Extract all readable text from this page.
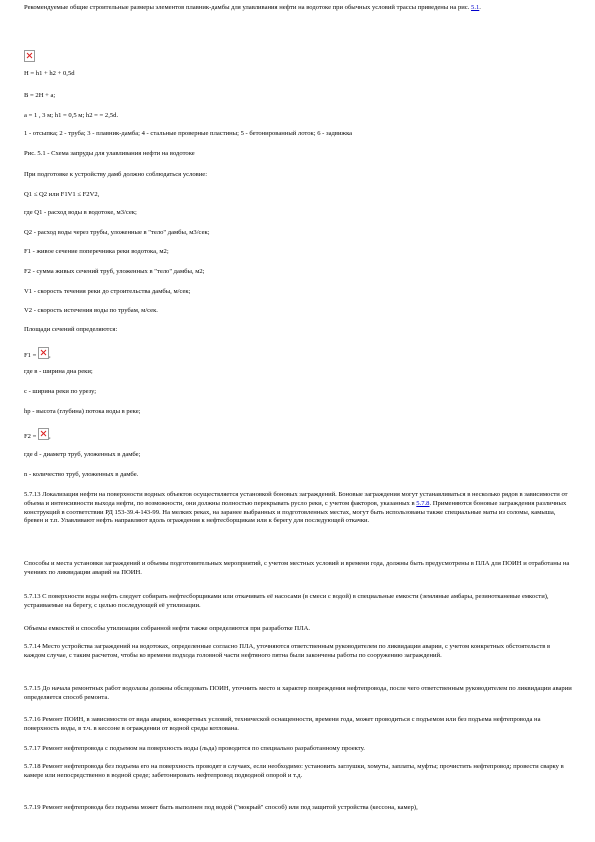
Рекомендуемые общие строительные размеры элементов плавник-дамбы для улавливания нефти на водотоке при обычных условий трассы приведены на рис. 5.1.
H = h1 + h2 + 0,5d
B = 2H + a;
a = 1 , 3 м; h1 = 0,5 м; h2 = = 2,5d.
1 - отсыпка; 2 - труба; 3 - плавник-дамба; 4 - стальные проверные пластины; 5 - бетонированный лоток; 6 - задвижка
Рис. 5.1 - Схема запруды для улавливания нефти на водотоке
При подготовке к устройству дамб должно соблюдаться условие:
Q1 ≤ Q2 или F1V1 ≤ F2V2,
где Q1 - расход воды в водотоке, м3/сек;
Q2 - расход воды через трубы, уложенные в "тело" дамбы, м3/сек;
F1 - живое сечение поперечника реки водотока, м2;
F2 - сумма живых сечений труб, уложенных в "тело" дамбы, м2;
V1 - скорость течения реки до строительства дамбы, м/сек;
V2 - скорость истечения воды по трубам, м/сек.
Площади сечений определяются:
F1 = ,
где в - ширина дна реки;
с - ширина реки по урезу;
hр - высота (глубина) потока воды в реке;
F2 = ,
где d - диаметр труб, уложенных в дамбе;
n - количество труб, уложенных в дамбе.
5.7.13 Локализация нефти на поверхности водных объектов осуществляется установкой боновых заграждений. Боновые заграждения могут устанавливаться в несколько рядов в зависимости от объема и интенсивности выхода нефти, по возможности, они должны полностью перекрывать русло реки, с учетом факторов, указанных в 5.7.8. Применяются боновые заграждения различных конструкций в соответствии РД 153-39.4-143-99. На мелких реках, на заранее выбранных и подготовленных местах, могут быть использованы также специальные маты из соломы, камыша, бревен и т.п. Улавливают нефть направляют вдоль ограждения к нефтесборщикам или к берегу для последующей откачки.
Способы и места установки заграждений и объемы подготовительных мероприятий, с учетом местных условий и времени года, должны быть предусмотрены в ПЛА для ПОИН и отработаны на учениях по ликвидации аварий на ПОИН.
5.7.13 С поверхности воды нефть следует собирать нефтесборщиками или откачивать её насосами (в смеси с водой) в специальные емкости (земляные амбары, резинотканевые емкости), устраиваемые на берегу, с целью последующей её утилизации.
Объемы емкостей и способы утилизации собранной нефти также определяются при разработке ПЛА.
5.7.14 Место устройства заграждений на водотоках, определенные согласно ПЛА, уточняются ответственным руководителем по ликвидации аварии, с учетом конкретных обстоятельств в каждом случае, с таким расчетом, чтобы ко времени подхода головной части нефтяного пятна были закончены работы по сооружению заграждений.
5.7.15 До начала ремонтных работ водолазы должны обследовать ПОИН, уточнить место и характер повреждения нефтепровода, после чего ответственным руководителем по ликвидации аварии определяется способ ремонта.
5.7.16 Ремонт ПОИН, в зависимости от вида аварии, конкретных условий, технической оснащенности, времени года, может проводиться с подъемом или без подъема нефтепровода на поверхность воды, в т.ч. в кессоне в ограждении от водной среды котлована.
5.7.17 Ремонт нефтепровода с подъемом на поверхность воды (льда) проводится по специально разработанному проекту.
5.7.18 Ремонт нефтепровода без подъема его на поверхность проводят в случаях, если необходимо: установить заглушки, хомуты, заплаты, муфты; прочистить нефтепровод; провести сварку в камере или непосредственно в водной среде; забетонировать нефтепровод подводной опорой и т.д.
5.7.19 Ремонт нефтепровода без подъема может быть выполнен под водой ("мокрый" способ) или под защитой устройства (кессона, камер),
